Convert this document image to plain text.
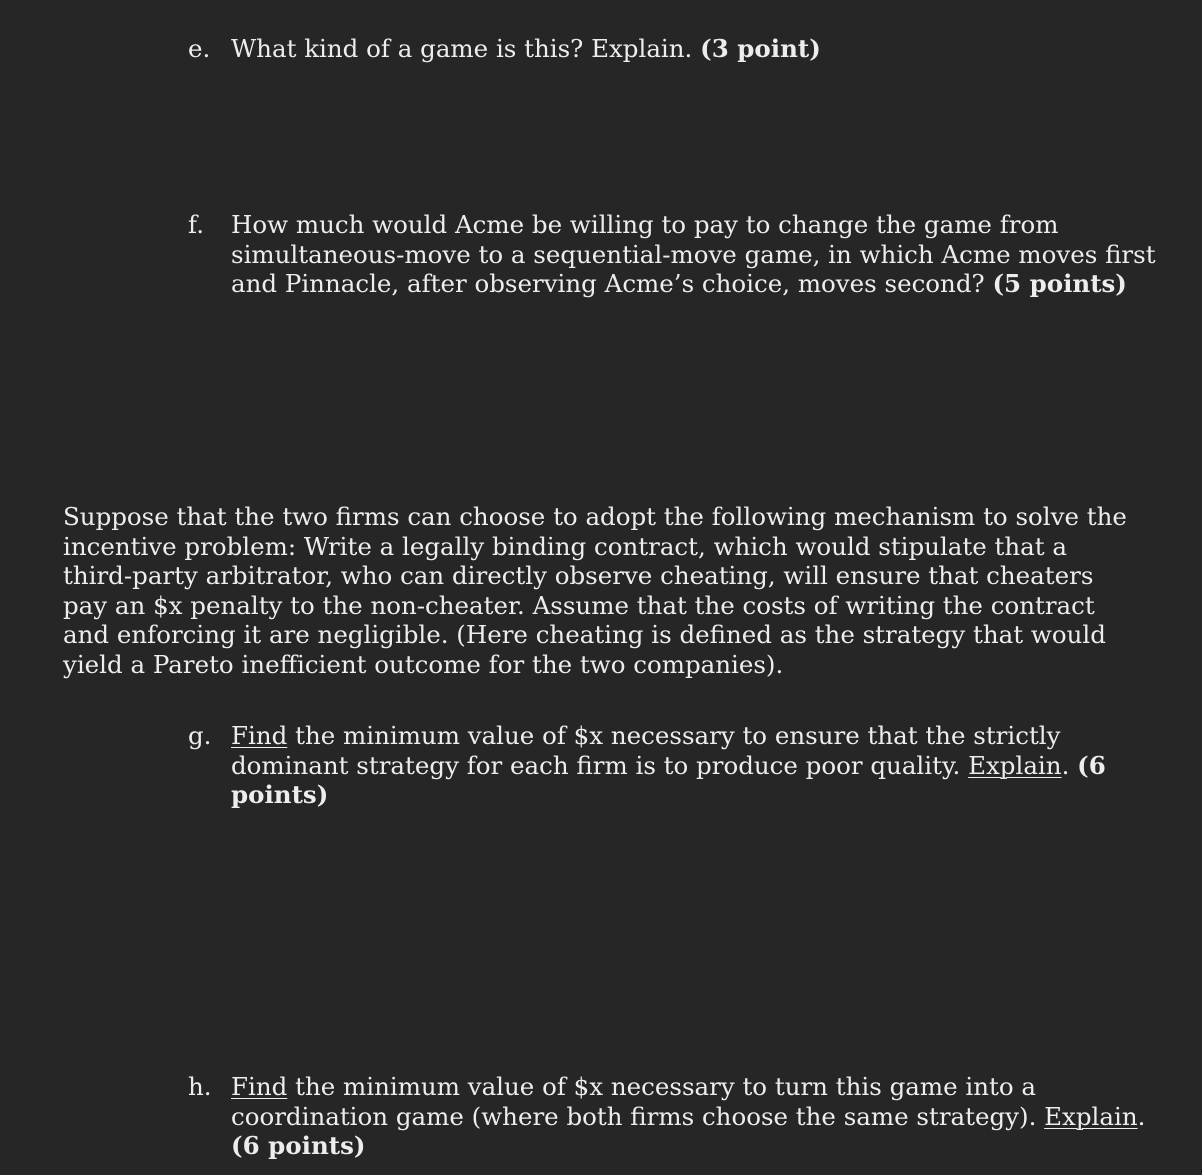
e. What kind of a game is this? Explain. (3 point)
f.	How much would Acme be willing to pay to change the game from simultaneous-move to a sequential-move game, in which Acme moves first and Pinnacle, after observing Acme’s choice, moves second? (5 points)
Suppose that the two firms can choose to adopt the following mechanism to solve the incentive problem: Write a legally binding contract, which would stipulate that a third-party arbitrator, who can directly observe cheating, will ensure that cheaters pay an $x penalty to the non-cheater. Assume that the costs of writing the contract and enforcing it are negligible. (Here cheating is defined as the strategy that would yield a Pareto inefficient outcome for the two companies).
g. Find the minimum value of $x necessary to ensure that the strictly dominant strategy for each firm is to produce poor quality. Explain. (6 points)
h. Find the minimum value of $x necessary to turn this game into a coordination game (where both firms choose the same strategy). Explain. (6 points)
